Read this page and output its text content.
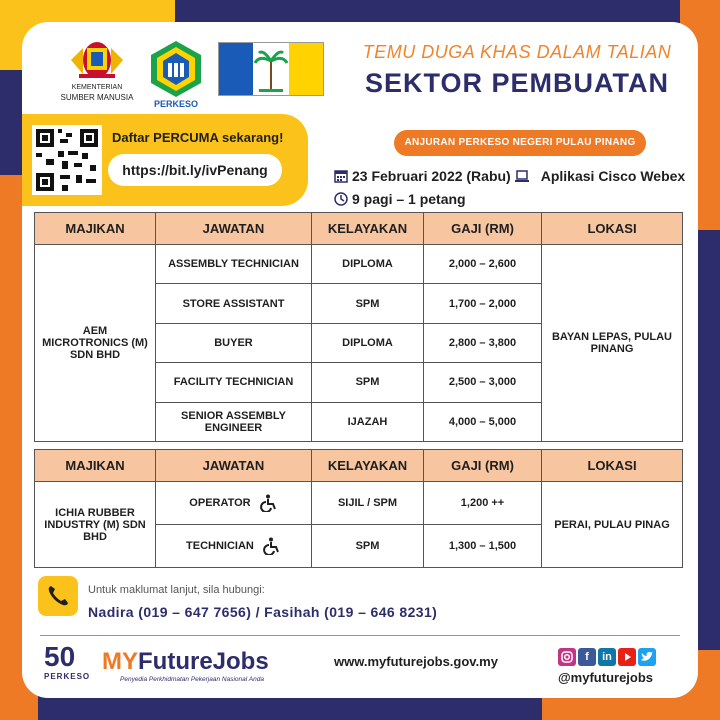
KEMENTERIAN
SUMBER MANUSIA
PERKESO
TEMU DUGA KHAS DALAM TALIAN
SEKTOR PEMBUATAN
Daftar PERCUMA sekarang!
https://bit.ly/ivPenang
ANJURAN PERKESO NEGERI PULAU PINANG
23 Februari 2022 (Rabu) Aplikasi Cisco Webex
9 pagi – 1 petang
MAJIKAN	JAWATAN	KELAYAKAN	GAJI (RM)	LOKASI
AEM MICROTRONICS (M) SDN BHD	ASSEMBLY TECHNICIAN	DIPLOMA	2,000 – 2,600	BAYAN LEPAS, PULAU PINANG
	STORE ASSISTANT	SPM	1,700 – 2,000	
	BUYER	DIPLOMA	2,800 – 3,800	
	FACILITY TECHNICIAN	SPM	2,500 – 3,000	
	SENIOR ASSEMBLY ENGINEER	IJAZAH	4,000 – 5,000	
MAJIKAN	JAWATAN	KELAYAKAN	GAJI (RM)	LOKASI
ICHIA RUBBER INDUSTRY (M) SDN BHD	OPERATOR	SIJIL / SPM	1,200 ++	PERAI, PULAU PINAG
	TECHNICIAN	SPM	1,300 – 1,500	
Untuk maklumat lanjut, sila hubungi:
Nadira (019 – 647 7656) / Fasihah (019 – 646 8231)
50
PERKESO
MYFutureJobs
Penyedia Perkhidmatan Pekerjaan Nasional Anda
www.myfuturejobs.gov.my	f	in
@myfuturejobs
